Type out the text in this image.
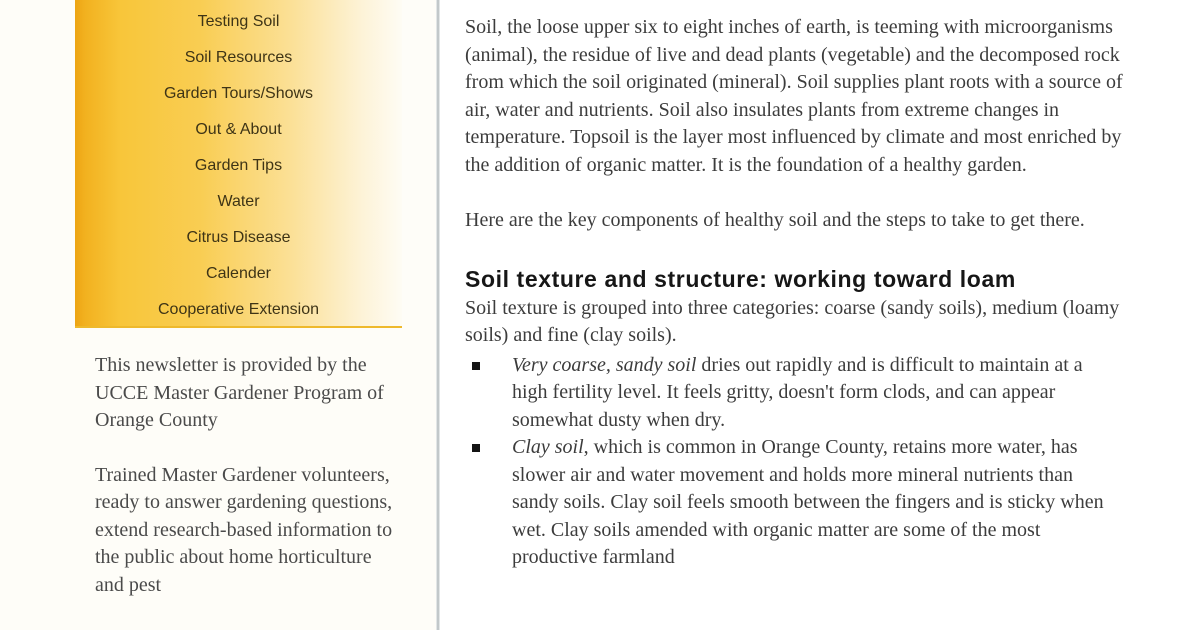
Testing Soil
Soil Resources
Garden Tours/Shows
Out & About
Garden Tips
Water
Citrus Disease
Calender
Cooperative Extension

This newsletter is provided by the UCCE Master Gardener Program of Orange County

Trained Master Gardener volunteers, ready to answer gardening questions, extend research-based information to the public about home horticulture and pest

Soil, the loose upper six to eight inches of earth, is teeming with microorganisms (animal), the residue of live and dead plants (vegetable) and the decomposed rock from which the soil originated (mineral). Soil supplies plant roots with a source of air, water and nutrients. Soil also insulates plants from extreme changes in temperature. Topsoil is the layer most influenced by climate and most enriched by the addition of organic matter. It is the foundation of a healthy garden.

Here are the key components of healthy soil and the steps to take to get there.

Soil texture and structure: working toward loam

Soil texture is grouped into three categories: coarse (sandy soils), medium (loamy soils) and fine (clay soils).

Very coarse, sandy soil dries out rapidly and is difficult to maintain at a high fertility level. It feels gritty, doesn't form clods, and can appear somewhat dusty when dry.
Clay soil, which is common in Orange County, retains more water, has slower air and water movement and holds more mineral nutrients than sandy soils. Clay soil feels smooth between the fingers and is sticky when wet. Clay soils amended with organic matter are some of the most productive farmland
